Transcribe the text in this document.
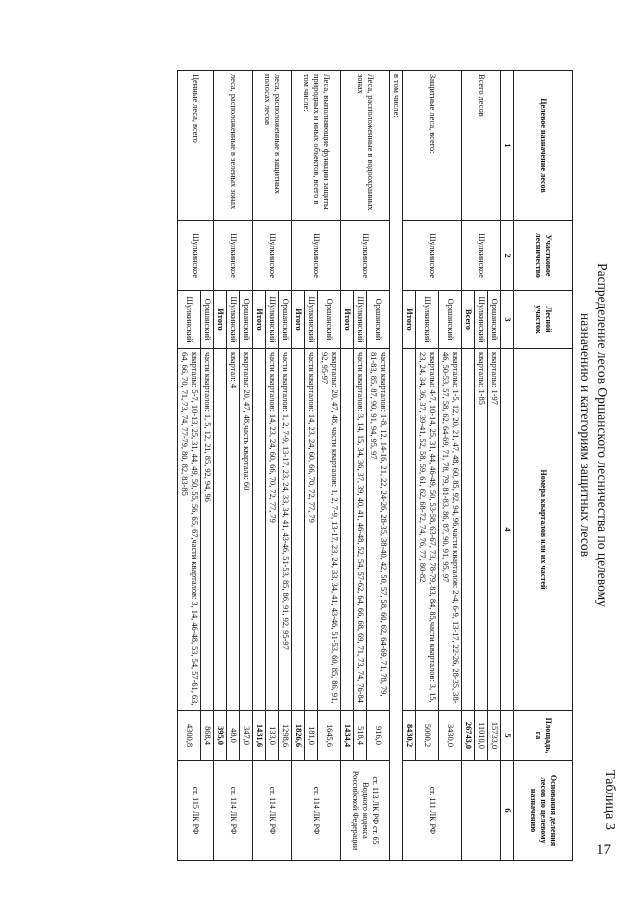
17
Таблица 3
Распределение лесов Оршанского лесничества по целевому
назначению и категориям защитных лесов
Целевое назначение лесов	Участковое лесничество	Лесной участок	Номера кварталов или их частей	Площадь, га	Основания деления лесов по целевому назначению
1	2	3	4	5	6
Всего лесов	Шулкинское	Оршанский	кварталы: 1-97	15733,0	
		Шулкинский	кварталы: 1-85	11010,0	
		Всего		26743,0	
Защитные леса, всего:	Шулкинское	Оршанский	кварталы: 1-5, 12, 20, 21, 47, 48, 60, 85, 92, 94, 96,части кварталов: 2-4, 6-9, 13-17, 22-26, 28-35, 38-46, 50-53, 57, 58, 62, 64-69, 71, 78, 79, 81-83, 86, 87, 90, 91, 95, 97	3430,0	ст. 111 ЛК РФ
		Шулкинский	кварталы: 4-7, 10-14, 25, 31, 44, 46-49, 50, 53-58, 63-67, 73, 78-79, 83, 84, 85,части кварталов: 3, 15, 23, 24, 34, 36, 37, 39-41, 52, 58, 59, 61, 62, 68-72, 74, 76, 77, 80-82	5000,2	
		Итого		8430,2	
в том числе:					
Леса, расположенные в водоохранных зонах	Шулкинское	Оршанский	части кварталов: 1-8, 12, 14-16, 21, 22, 24-26, 28-35, 38-40, 42, 50, 57, 58, 60, 62, 64-69, 71, 78, 79, 81-83, 85, 87, 90, 91, 94, 95, 97	916,0	ст. 113 ЛК РФ ст. 65 Водного кодекса Российской Федерации
		Шулкинский	части кварталов: 3, 14, 15, 34, 36, 37, 39, 40, 41, 46-48, 52, 54, 57-62, 64, 66, 68, 69, 71, 73, 74, 76-84	518,4	
		Итого		1434,4	
Леса, выполняющие функции защиты природных и иных объектов, всего в том числе:	Шулкинское	Оршанский	кварталы: 20, 47, 48, части кварталов: 1, 2, 7-9, 13-17, 23, 24, 33, 34, 41, 43-46, 51-53, 60, 85, 86, 91, 92, 95-97	1645,6	ст. 114 ЛК РФ
		Шулкинский	части кварталов: 14, 23, 24, 60, 66, 70, 72, 77, 79	181,0	
		Итого		1826,6	
леса, расположенные в защитных полосах лесов	Шулкинское	Оршанский	части кварталов: 1, 2, 7-9, 13-17, 23, 24, 33, 34, 41, 43-46, 51-53, 85, 86, 91, 92, 95-97	1298,6	ст. 114 ЛК РФ
		Шулкинский	части кварталов: 14, 23, 24, 60, 66, 70, 72, 77, 79	133,0	
		Итого		1431,6	
леса, расположенные в зеленых зонах	Шулкинское	Оршанский	кварталы: 20, 47, 48,часть квартала: 60	347,0	ст. 114 ЛК РФ
		Шулкинский	квартал: 4	48,0	
		Итого		395,0	
Ценные леса, всего	Шулкинское	Оршанский	части кварталов: 1, 5, 12, 21, 85, 92, 94, 96	868,4	ст. 115 ЛК РФ
		Шулкинский	кварталы: 5-7, 10-13, 25, 31, 44, 49, 50, 55, 56, 65, 67,части кварталов: 3, 14, 46-48, 53, 54, 57-61, 63, 64, 66, 70, 71, 73, 74, 77-79, 80, 82, 83-85	4300,8	
